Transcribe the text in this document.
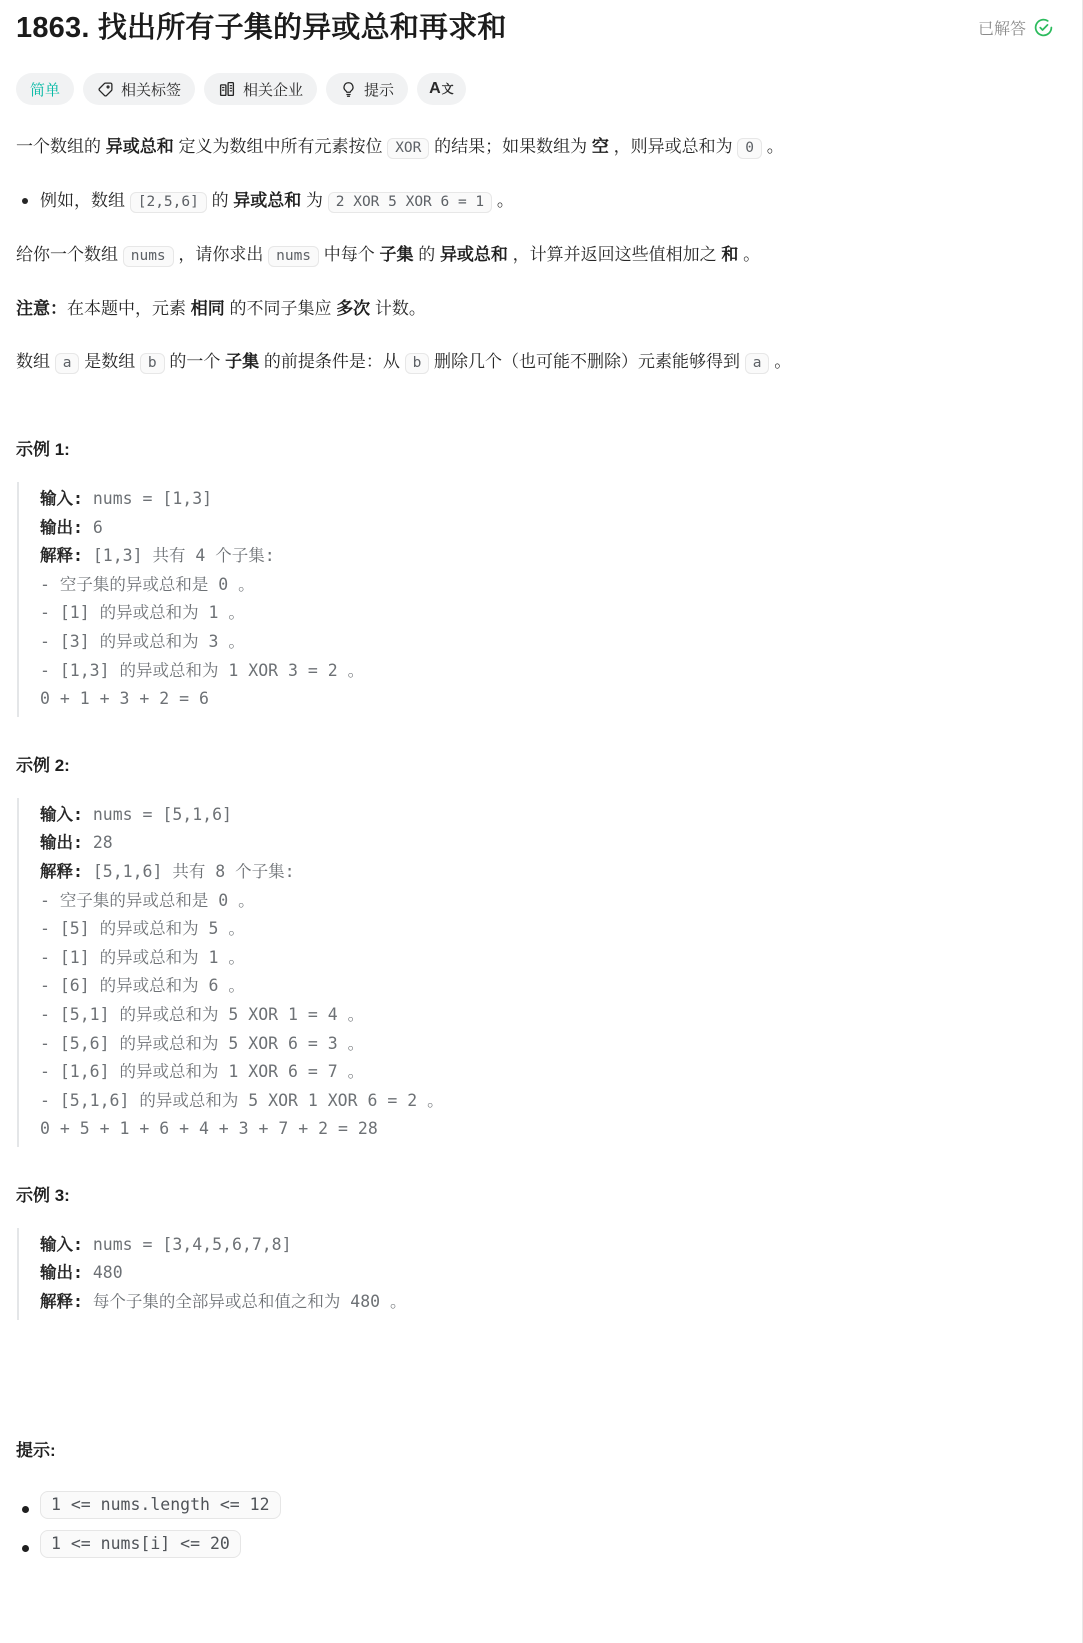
1863. 找出所有子集的异或总和再求和	已解答
简单	相关标签	相关企业	提示 A文

一个数组的 异或总和 定义为数组中所有元素按位 XOR 的结果；如果数组为 空 ，则异或总和为 0 。

例如，数组 [2,5,6] 的 异或总和 为 2 XOR 5 XOR 6 = 1 。

给你一个数组 nums ，请你求出 nums 中每个 子集 的 异或总和 ，计算并返回这些值相加之 和 。

注意：在本题中，元素 相同 的不同子集应 多次 计数。

数组 a 是数组 b 的一个 子集 的前提条件是：从 b 删除几个（也可能不删除）元素能够得到 a 。

示例 1:
输入: nums = [1,3]
输出: 6
解释: [1,3] 共有 4 个子集:
- 空子集的异或总和是 0 。
- [1] 的异或总和为 1 。
- [3] 的异或总和为 3 。
- [1,3] 的异或总和为 1 XOR 3 = 2 。
0 + 1 + 3 + 2 = 6
示例 2:
输入: nums = [5,1,6]
输出: 28
解释: [5,1,6] 共有 8 个子集:
- 空子集的异或总和是 0 。
- [5] 的异或总和为 5 。
- [1] 的异或总和为 1 。
- [6] 的异或总和为 6 。
- [5,1] 的异或总和为 5 XOR 1 = 4 。
- [5,6] 的异或总和为 5 XOR 6 = 3 。
- [1,6] 的异或总和为 1 XOR 6 = 7 。
- [5,1,6] 的异或总和为 5 XOR 1 XOR 6 = 2 。
0 + 5 + 1 + 6 + 4 + 3 + 7 + 2 = 28
示例 3:
输入: nums = [3,4,5,6,7,8]
输出: 480
解释: 每个子集的全部异或总和值之和为 480 。
提示:
1 <= nums.length <= 12
1 <= nums[i] <= 20
